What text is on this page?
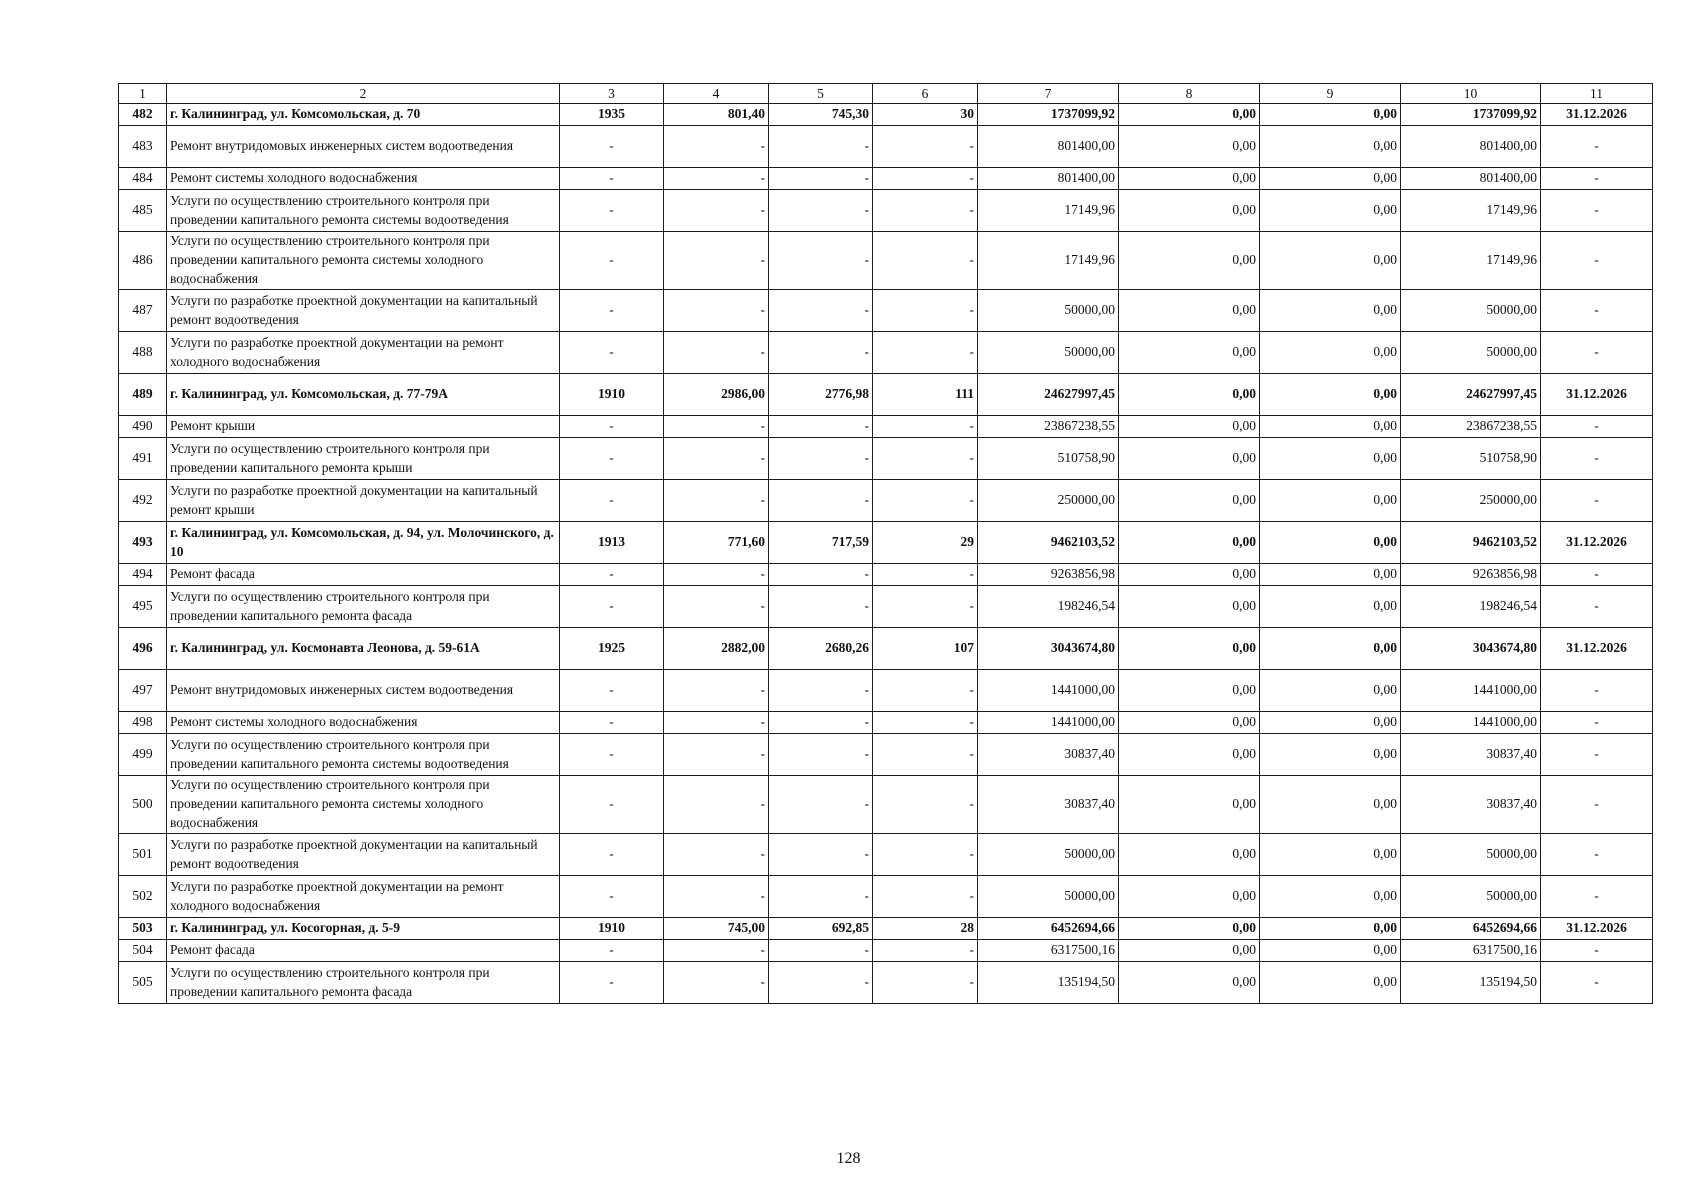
1	2	3	4	5	6	7	8	9	10	11
482	г. Калининград, ул. Комсомольская, д. 70	1935	801,40	745,30	30	1737099,92	0,00	0,00	1737099,92	31.12.2026
483	Ремонт внутридомовых инженерных систем водоотведения	-	-	-	-	801400,00	0,00	0,00	801400,00	-
484	Ремонт системы холодного водоснабжения	-	-	-	-	801400,00	0,00	0,00	801400,00	-
485	Услуги по осуществлению строительного контроля при проведении капитального ремонта системы водоотведения	-	-	-	-	17149,96	0,00	0,00	17149,96	-
486	Услуги по осуществлению строительного контроля при проведении капитального ремонта системы холодного водоснабжения	-	-	-	-	17149,96	0,00	0,00	17149,96	-
487	Услуги по разработке проектной документации на капитальный ремонт водоотведения	-	-	-	-	50000,00	0,00	0,00	50000,00	-
488	Услуги по разработке проектной документации на ремонт холодного водоснабжения	-	-	-	-	50000,00	0,00	0,00	50000,00	-
489	г. Калининград, ул. Комсомольская, д. 77-79А	1910	2986,00	2776,98	111	24627997,45	0,00	0,00	24627997,45	31.12.2026
490	Ремонт крыши	-	-	-	-	23867238,55	0,00	0,00	23867238,55	-
491	Услуги по осуществлению строительного контроля при проведении капитального ремонта крыши	-	-	-	-	510758,90	0,00	0,00	510758,90	-
492	Услуги по разработке проектной документации на капитальный ремонт крыши	-	-	-	-	250000,00	0,00	0,00	250000,00	-
493	г. Калининград, ул. Комсомольская, д. 94, ул. Молочинского, д. 10	1913	771,60	717,59	29	9462103,52	0,00	0,00	9462103,52	31.12.2026
494	Ремонт фасада	-	-	-	-	9263856,98	0,00	0,00	9263856,98	-
495	Услуги по осуществлению строительного контроля при проведении капитального ремонта фасада	-	-	-	-	198246,54	0,00	0,00	198246,54	-
496	г. Калининград, ул. Космонавта Леонова, д. 59-61А	1925	2882,00	2680,26	107	3043674,80	0,00	0,00	3043674,80	31.12.2026
497	Ремонт внутридомовых инженерных систем водоотведения	-	-	-	-	1441000,00	0,00	0,00	1441000,00	-
498	Ремонт системы холодного водоснабжения	-	-	-	-	1441000,00	0,00	0,00	1441000,00	-
499	Услуги по осуществлению строительного контроля при проведении капитального ремонта системы водоотведения	-	-	-	-	30837,40	0,00	0,00	30837,40	-
500	Услуги по осуществлению строительного контроля при проведении капитального ремонта системы холодного водоснабжения	-	-	-	-	30837,40	0,00	0,00	30837,40	-
501	Услуги по разработке проектной документации на капитальный ремонт водоотведения	-	-	-	-	50000,00	0,00	0,00	50000,00	-
502	Услуги по разработке проектной документации на ремонт холодного водоснабжения	-	-	-	-	50000,00	0,00	0,00	50000,00	-
503	г. Калининград, ул. Косогорная, д. 5-9	1910	745,00	692,85	28	6452694,66	0,00	0,00	6452694,66	31.12.2026
504	Ремонт фасада	-	-	-	-	6317500,16	0,00	0,00	6317500,16	-
505	Услуги по осуществлению строительного контроля при проведении капитального ремонта фасада	-	-	-	-	135194,50	0,00	0,00	135194,50	-
128
